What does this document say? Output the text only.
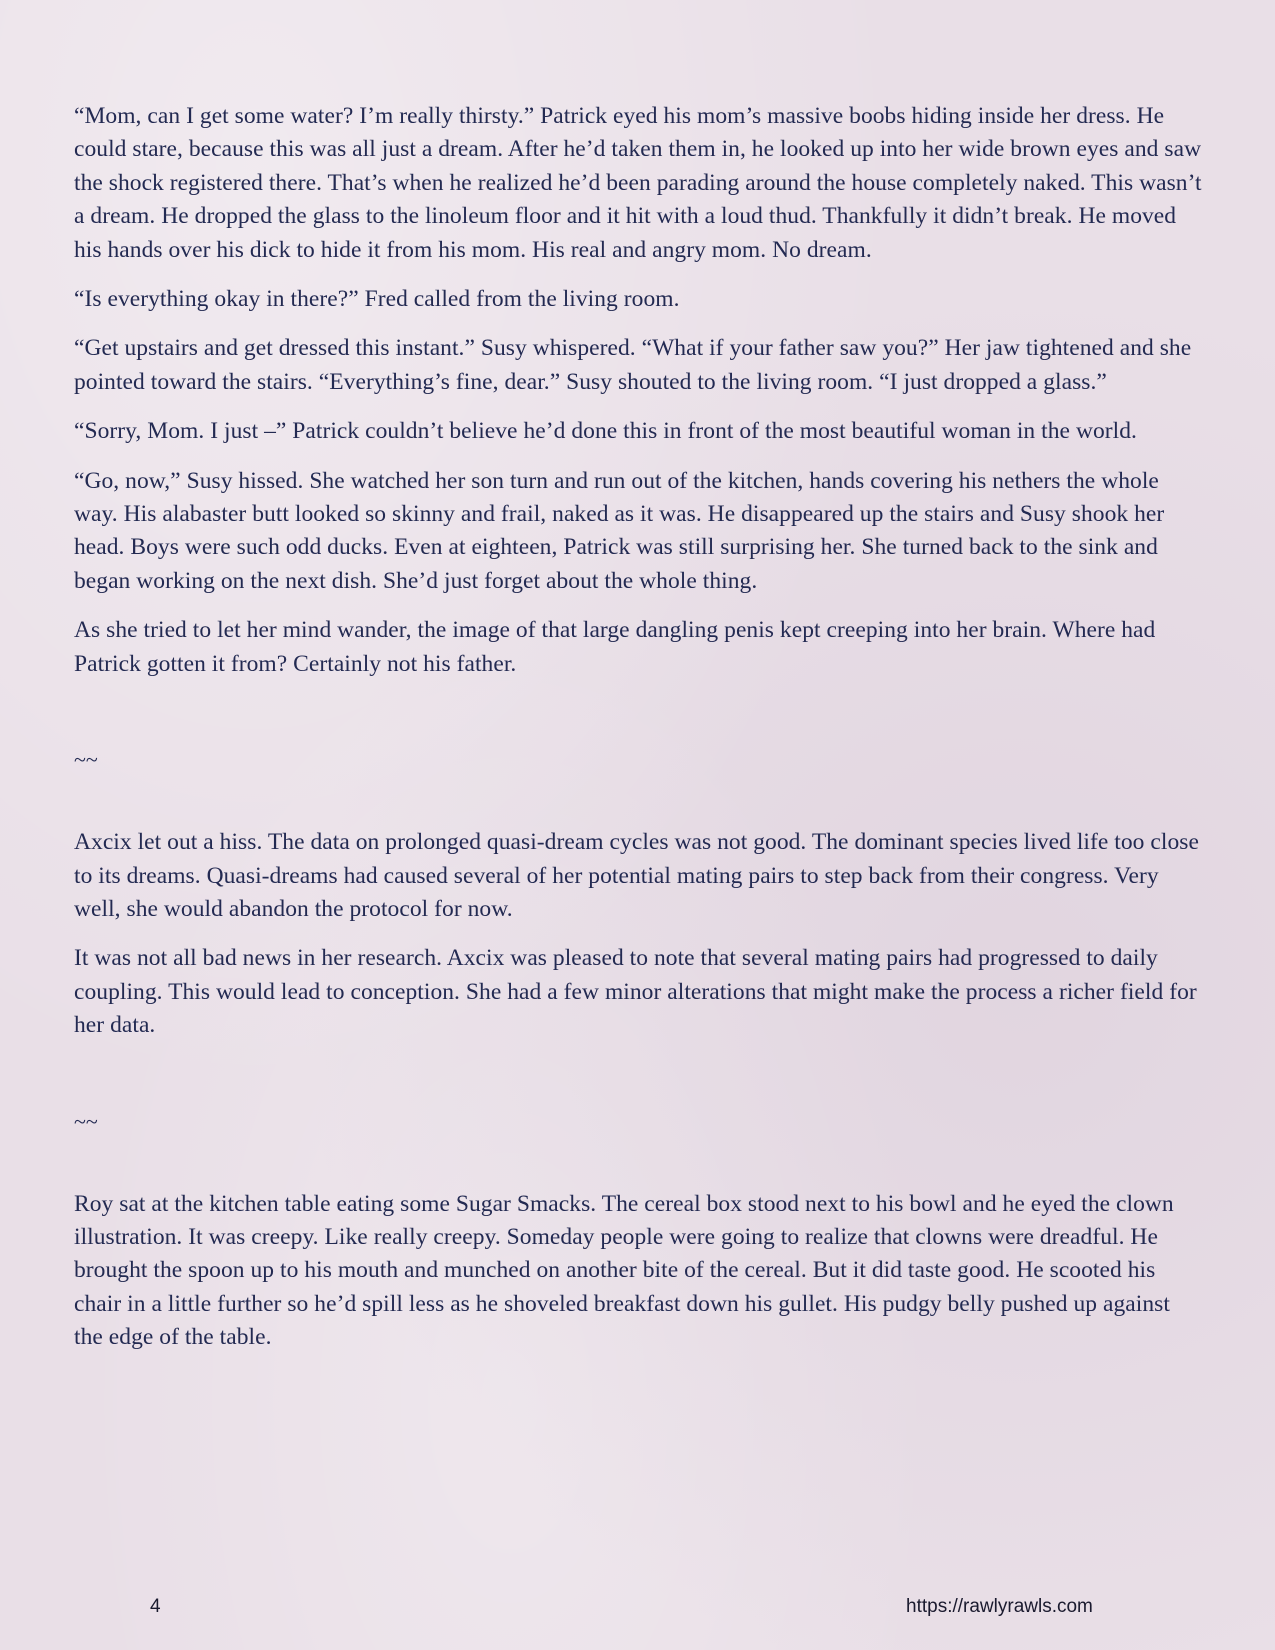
“Mom, can I get some water? I’m really thirsty.” Patrick eyed his mom’s massive boobs hiding inside her dress. He could stare, because this was all just a dream. After he’d taken them in, he looked up into her wide brown eyes and saw the shock registered there. That’s when he realized he’d been parading around the house completely naked. This wasn’t a dream. He dropped the glass to the linoleum floor and it hit with a loud thud. Thankfully it didn’t break. He moved his hands over his dick to hide it from his mom. His real and angry mom. No dream.

“Is everything okay in there?” Fred called from the living room.

“Get upstairs and get dressed this instant.” Susy whispered. “What if your father saw you?” Her jaw tightened and she pointed toward the stairs. “Everything’s fine, dear.” Susy shouted to the living room. “I just dropped a glass.”

“Sorry, Mom. I just –” Patrick couldn’t believe he’d done this in front of the most beautiful woman in the world.

“Go, now,” Susy hissed. She watched her son turn and run out of the kitchen, hands covering his nethers the whole way. His alabaster butt looked so skinny and frail, naked as it was. He disappeared up the stairs and Susy shook her head. Boys were such odd ducks. Even at eighteen, Patrick was still surprising her. She turned back to the sink and began working on the next dish. She’d just forget about the whole thing.

As she tried to let her mind wander, the image of that large dangling penis kept creeping into her brain. Where had Patrick gotten it from? Certainly not his father.

~~

Axcix let out a hiss. The data on prolonged quasi-dream cycles was not good. The dominant species lived life too close to its dreams. Quasi-dreams had caused several of her potential mating pairs to step back from their congress. Very well, she would abandon the protocol for now.

It was not all bad news in her research. Axcix was pleased to note that several mating pairs had progressed to daily coupling. This would lead to conception. She had a few minor alterations that might make the process a richer field for her data.

~~

Roy sat at the kitchen table eating some Sugar Smacks. The cereal box stood next to his bowl and he eyed the clown illustration. It was creepy. Like really creepy. Someday people were going to realize that clowns were dreadful. He brought the spoon up to his mouth and munched on another bite of the cereal. But it did taste good. He scooted his chair in a little further so he’d spill less as he shoveled breakfast down his gullet. His pudgy belly pushed up against the edge of the table.

4	https://rawlyrawls.com
